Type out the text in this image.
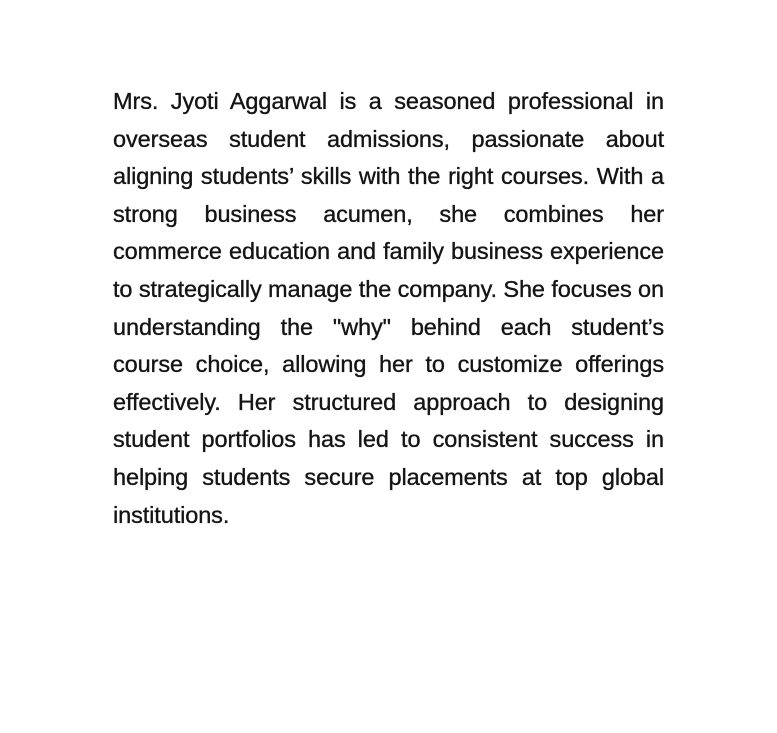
Mrs. Jyoti Aggarwal is a seasoned professional in overseas student admissions, passionate about aligning students’ skills with the right courses. With a strong business acumen, she combines her commerce education and family business experience to strategically manage the company. She focuses on understanding the "why" behind each student’s course choice, allowing her to customize offerings effectively. Her structured approach to designing student portfolios has led to consistent success in helping students secure placements at top global institutions.
